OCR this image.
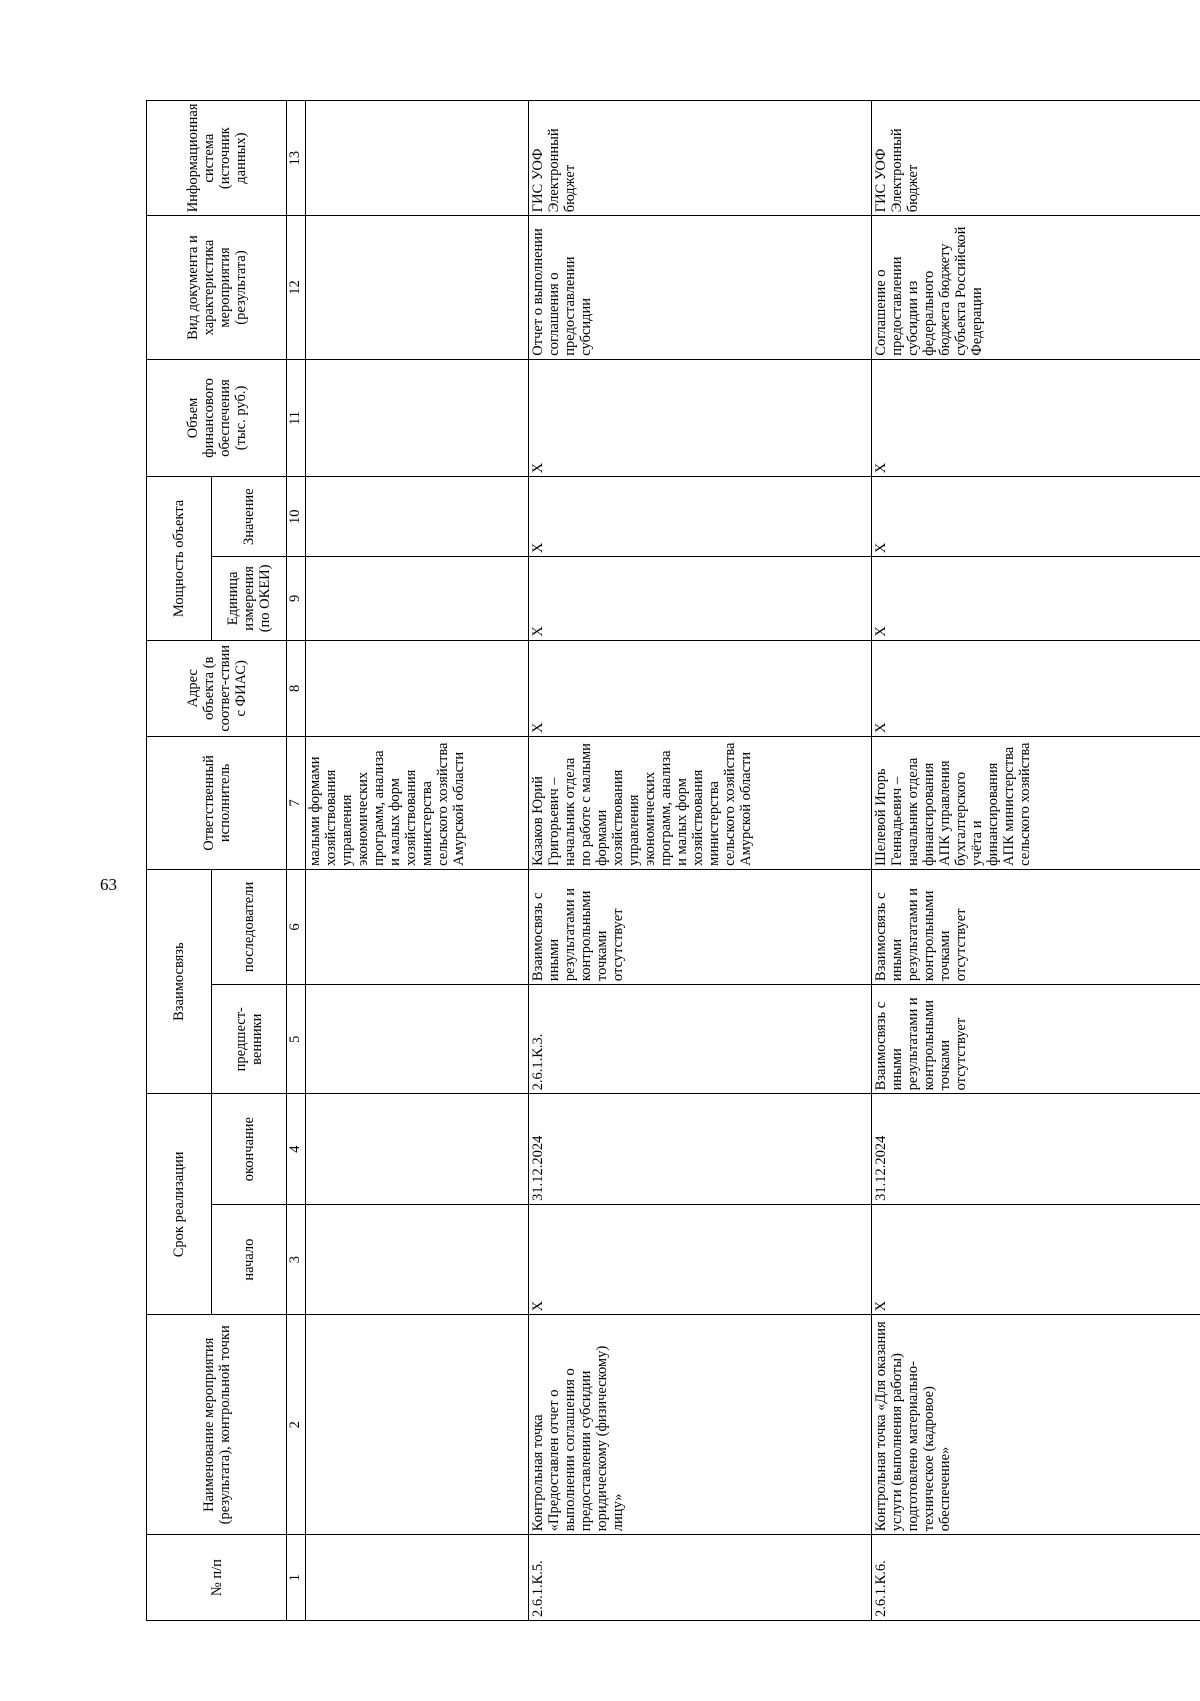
63
№ п/п	Наименование мероприятия (результата), контрольной точки	Срок реализации		Взаимосвязь		Ответственный исполнитель	Адрес объекта (в соответ-ствии с ФИАС)	Мощность объекта		Объем финансового обеспечения (тыс. руб.)	Вид документа и характеристика мероприятия (результата)	Информационная система (источник данных)
		начало	окончание	предшест-венники	последователи			Единица измерения (по ОКЕИ)	Значение			
1	2	3	4	5	6	7	8	9	10	11	12	13
						малыми формами хозяйствования управления экономических программ, анализа и малых форм хозяйствования министерства сельского хозяйства Амурской области						
2.6.1.К.5.	Контрольная точка «Предоставлен отчет о выполнении соглашения о предоставлении субсидии юридическому (физическому) лицу»	X	31.12.2024	2.6.1.К.3.	Взаимосвязь с иными результатами и контрольными точками отсутствует	Казаков Юрий Григорьевич – начальник отдела по работе с малыми формами хозяйствования управления экономических программ, анализа и малых форм хозяйствования министерства сельского хозяйства Амурской области	X	X	X	X	Отчет о выполнении соглашения о предоставлении субсидии	ГИС УОФ Электронный бюджет
2.6.1.К.6.	Контрольная точка «Для оказания услуги (выполнения работы) подготовлено материально-техническое (кадровое) обеспечение»	X	31.12.2024	Взаимосвязь с иными результатами и контрольными точками отсутствует	Взаимосвязь с иными результатами и контрольными точками отсутствует	Шелевой Игорь Геннадьевич – начальник отдела финансирования АПК управления бухгалтерского учёта и финансирования АПК министерства сельского хозяйства	X	X	X	X	Соглашение о предоставлении субсидии из федерального бюджета бюджету субъекта Российской Федерации	ГИС УОФ Электронный бюджет
